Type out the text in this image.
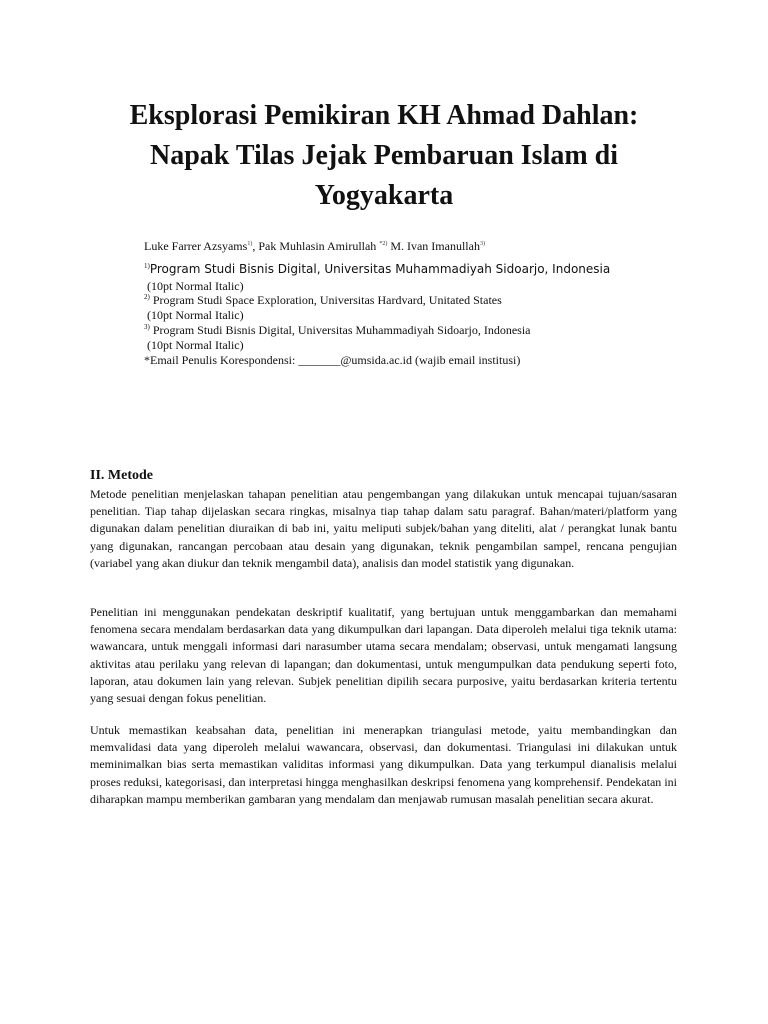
Eksplorasi Pemikiran KH Ahmad Dahlan:
Napak Tilas Jejak Pembaruan Islam di
Yogyakarta
Luke Farrer Azsyams$^{1)}$, Pak Muhlasin Amirullah $^{*2)}$ M. Ivan Imanullah$^{3)}$
$^{1)}$Program Studi Bisnis Digital, Universitas Muhammadiyah Sidoarjo, Indonesia
(10pt Normal Italic)
$^{2)}$ Program Studi Space Exploration, Universitas Hardvard, Unitated States
(10pt Normal Italic)
$^{3)}$ Program Studi Bisnis Digital, Universitas Muhammadiyah Sidoarjo, Indonesia
(10pt Normal Italic)
*Email Penulis Korespondensi: _______@umsida.ac.id (wajib email institusi)
II. Metode

Metode penelitian menjelaskan tahapan penelitian atau pengembangan yang dilakukan untuk mencapai tujuan/sasaran penelitian. Tiap tahap dijelaskan secara ringkas, misalnya tiap tahap dalam satu paragraf. Bahan/materi/platform yang digunakan dalam penelitian diuraikan di bab ini, yaitu meliputi subjek/bahan yang diteliti, alat / perangkat lunak bantu yang digunakan, rancangan percobaan atau desain yang digunakan, teknik pengambilan sampel, rencana pengujian (variabel yang akan diukur dan teknik mengambil data), analisis dan model statistik yang digunakan.

Penelitian ini menggunakan pendekatan deskriptif kualitatif, yang bertujuan untuk menggambarkan dan memahami fenomena secara mendalam berdasarkan data yang dikumpulkan dari lapangan. Data diperoleh melalui tiga teknik utama: wawancara, untuk menggali informasi dari narasumber utama secara mendalam; observasi, untuk mengamati langsung aktivitas atau perilaku yang relevan di lapangan; dan dokumentasi, untuk mengumpulkan data pendukung seperti foto, laporan, atau dokumen lain yang relevan. Subjek penelitian dipilih secara purposive, yaitu berdasarkan kriteria tertentu yang sesuai dengan fokus penelitian.

Untuk memastikan keabsahan data, penelitian ini menerapkan triangulasi metode, yaitu membandingkan dan memvalidasi data yang diperoleh melalui wawancara, observasi, dan dokumentasi. Triangulasi ini dilakukan untuk meminimalkan bias serta memastikan validitas informasi yang dikumpulkan. Data yang terkumpul dianalisis melalui proses reduksi, kategorisasi, dan interpretasi hingga menghasilkan deskripsi fenomena yang komprehensif. Pendekatan ini diharapkan mampu memberikan gambaran yang mendalam dan menjawab rumusan masalah penelitian secara akurat.
